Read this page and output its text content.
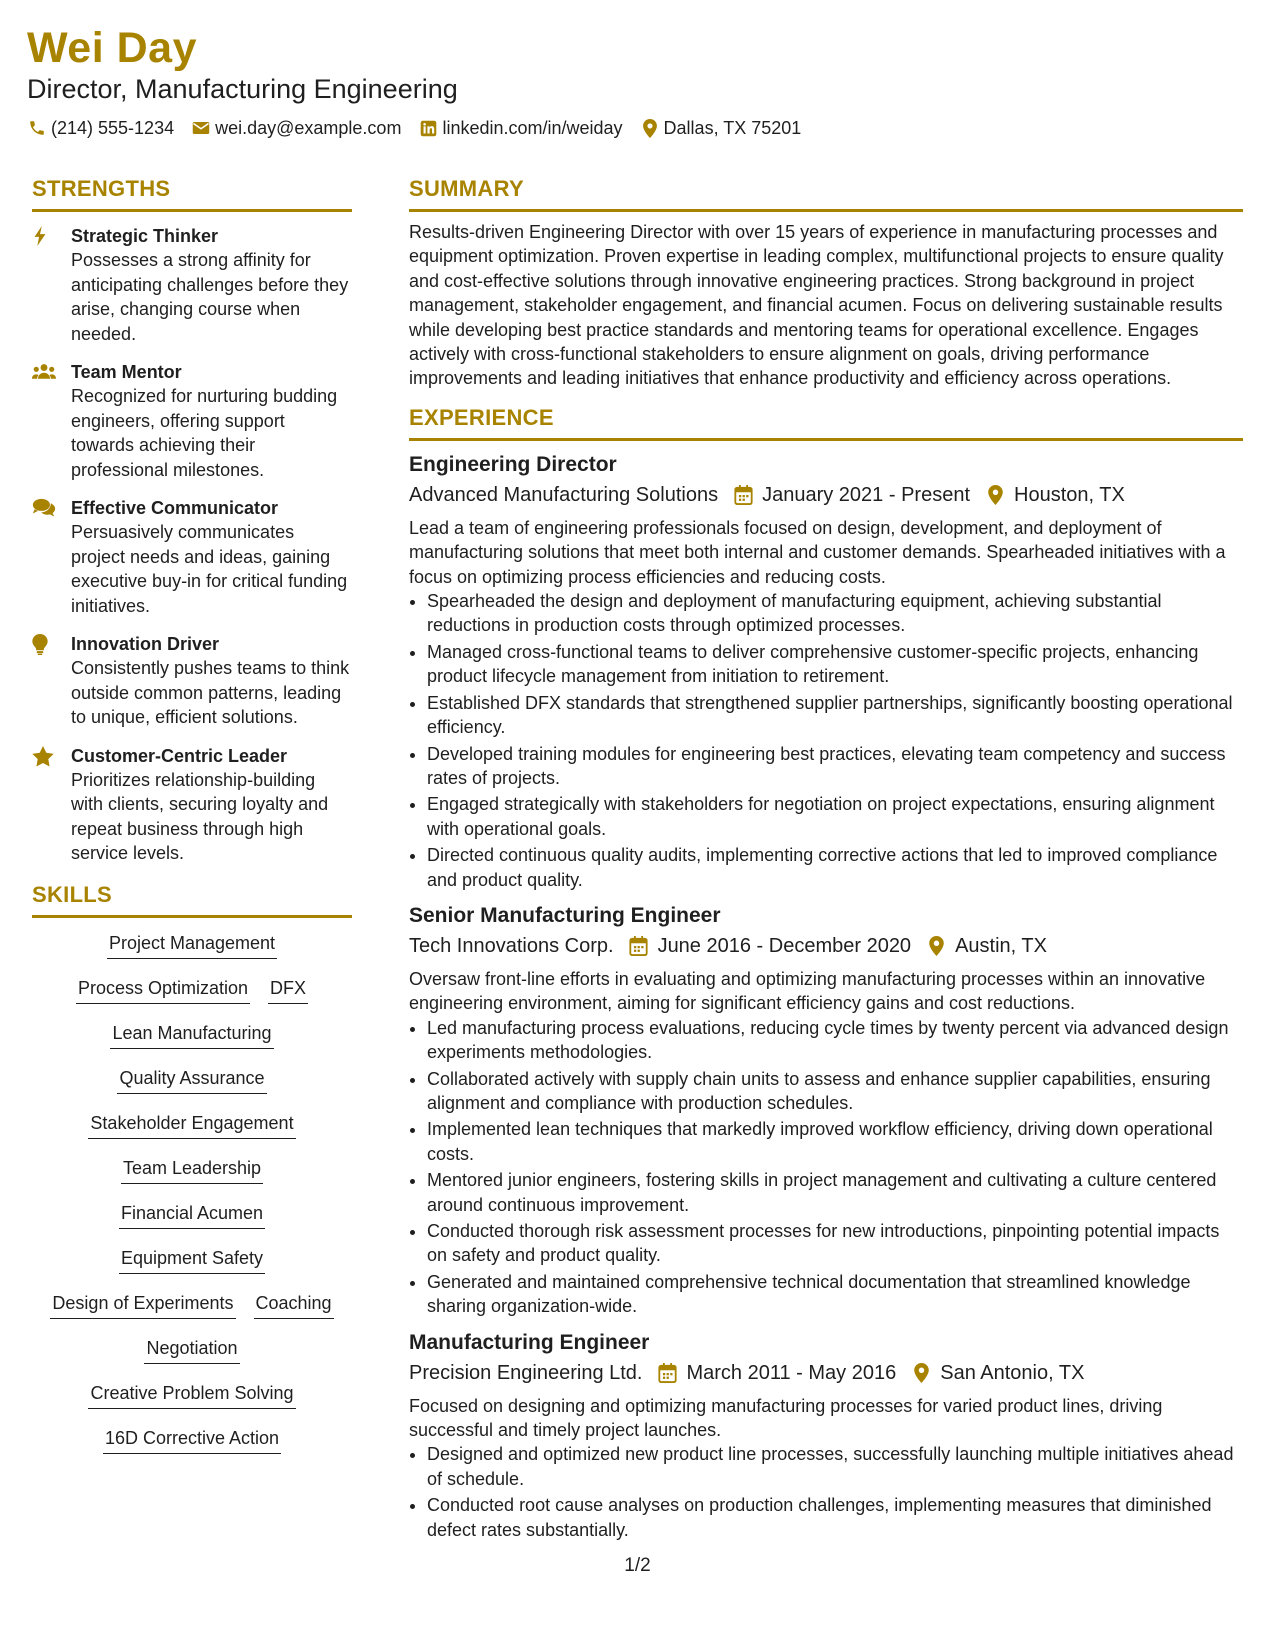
Wei Day
Director, Manufacturing Engineering
(214) 555-1234 wei.day@example.com linkedin.com/in/weiday Dallas, TX 75201
STRENGTHS
Strategic Thinker
Possesses a strong affinity for anticipating challenges before they arise, changing course when needed.
Team Mentor
Recognized for nurturing budding engineers, offering support towards achieving their professional milestones.
Effective Communicator
Persuasively communicates project needs and ideas, gaining executive buy-in for critical funding initiatives.
Innovation Driver
Consistently pushes teams to think outside common patterns, leading to unique, efficient solutions.
Customer-Centric Leader
Prioritizes relationship-building with clients, securing loyalty and repeat business through high service levels.
SKILLS
Project Management
Process Optimization DFX
Lean Manufacturing
Quality Assurance
Stakeholder Engagement
Team Leadership
Financial Acumen
Equipment Safety
Design of Experiments Coaching
Negotiation
Creative Problem Solving
16D Corrective Action
SUMMARY
Results-driven Engineering Director with over 15 years of experience in manufacturing processes and equipment optimization. Proven expertise in leading complex, multifunctional projects to ensure quality and cost-effective solutions through innovative engineering practices. Strong background in project management, stakeholder engagement, and financial acumen. Focus on delivering sustainable results while developing best practice standards and mentoring teams for operational excellence. Engages actively with cross-functional stakeholders to ensure alignment on goals, driving performance improvements and leading initiatives that enhance productivity and efficiency across operations.
EXPERIENCE
Engineering Director
Advanced Manufacturing Solutions January 2021 - Present Houston, TX
Lead a team of engineering professionals focused on design, development, and deployment of manufacturing solutions that meet both internal and customer demands. Spearheaded initiatives with a focus on optimizing process efficiencies and reducing costs.
• Spearheaded the design and deployment of manufacturing equipment, achieving substantial reductions in production costs through optimized processes.
• Managed cross-functional teams to deliver comprehensive customer-specific projects, enhancing product lifecycle management from initiation to retirement.
• Established DFX standards that strengthened supplier partnerships, significantly boosting operational efficiency.
• Developed training modules for engineering best practices, elevating team competency and success rates of projects.
• Engaged strategically with stakeholders for negotiation on project expectations, ensuring alignment with operational goals.
• Directed continuous quality audits, implementing corrective actions that led to improved compliance and product quality.
Senior Manufacturing Engineer
Tech Innovations Corp. June 2016 - December 2020 Austin, TX
Oversaw front-line efforts in evaluating and optimizing manufacturing processes within an innovative engineering environment, aiming for significant efficiency gains and cost reductions.
• Led manufacturing process evaluations, reducing cycle times by twenty percent via advanced design experiments methodologies.
• Collaborated actively with supply chain units to assess and enhance supplier capabilities, ensuring alignment and compliance with production schedules.
• Implemented lean techniques that markedly improved workflow efficiency, driving down operational costs.
• Mentored junior engineers, fostering skills in project management and cultivating a culture centered around continuous improvement.
• Conducted thorough risk assessment processes for new introductions, pinpointing potential impacts on safety and product quality.
• Generated and maintained comprehensive technical documentation that streamlined knowledge sharing organization-wide.
Manufacturing Engineer
Precision Engineering Ltd. March 2011 - May 2016 San Antonio, TX
Focused on designing and optimizing manufacturing processes for varied product lines, driving successful and timely project launches.
• Designed and optimized new product line processes, successfully launching multiple initiatives ahead of schedule.
• Conducted root cause analyses on production challenges, implementing measures that diminished defect rates substantially.
1/2
